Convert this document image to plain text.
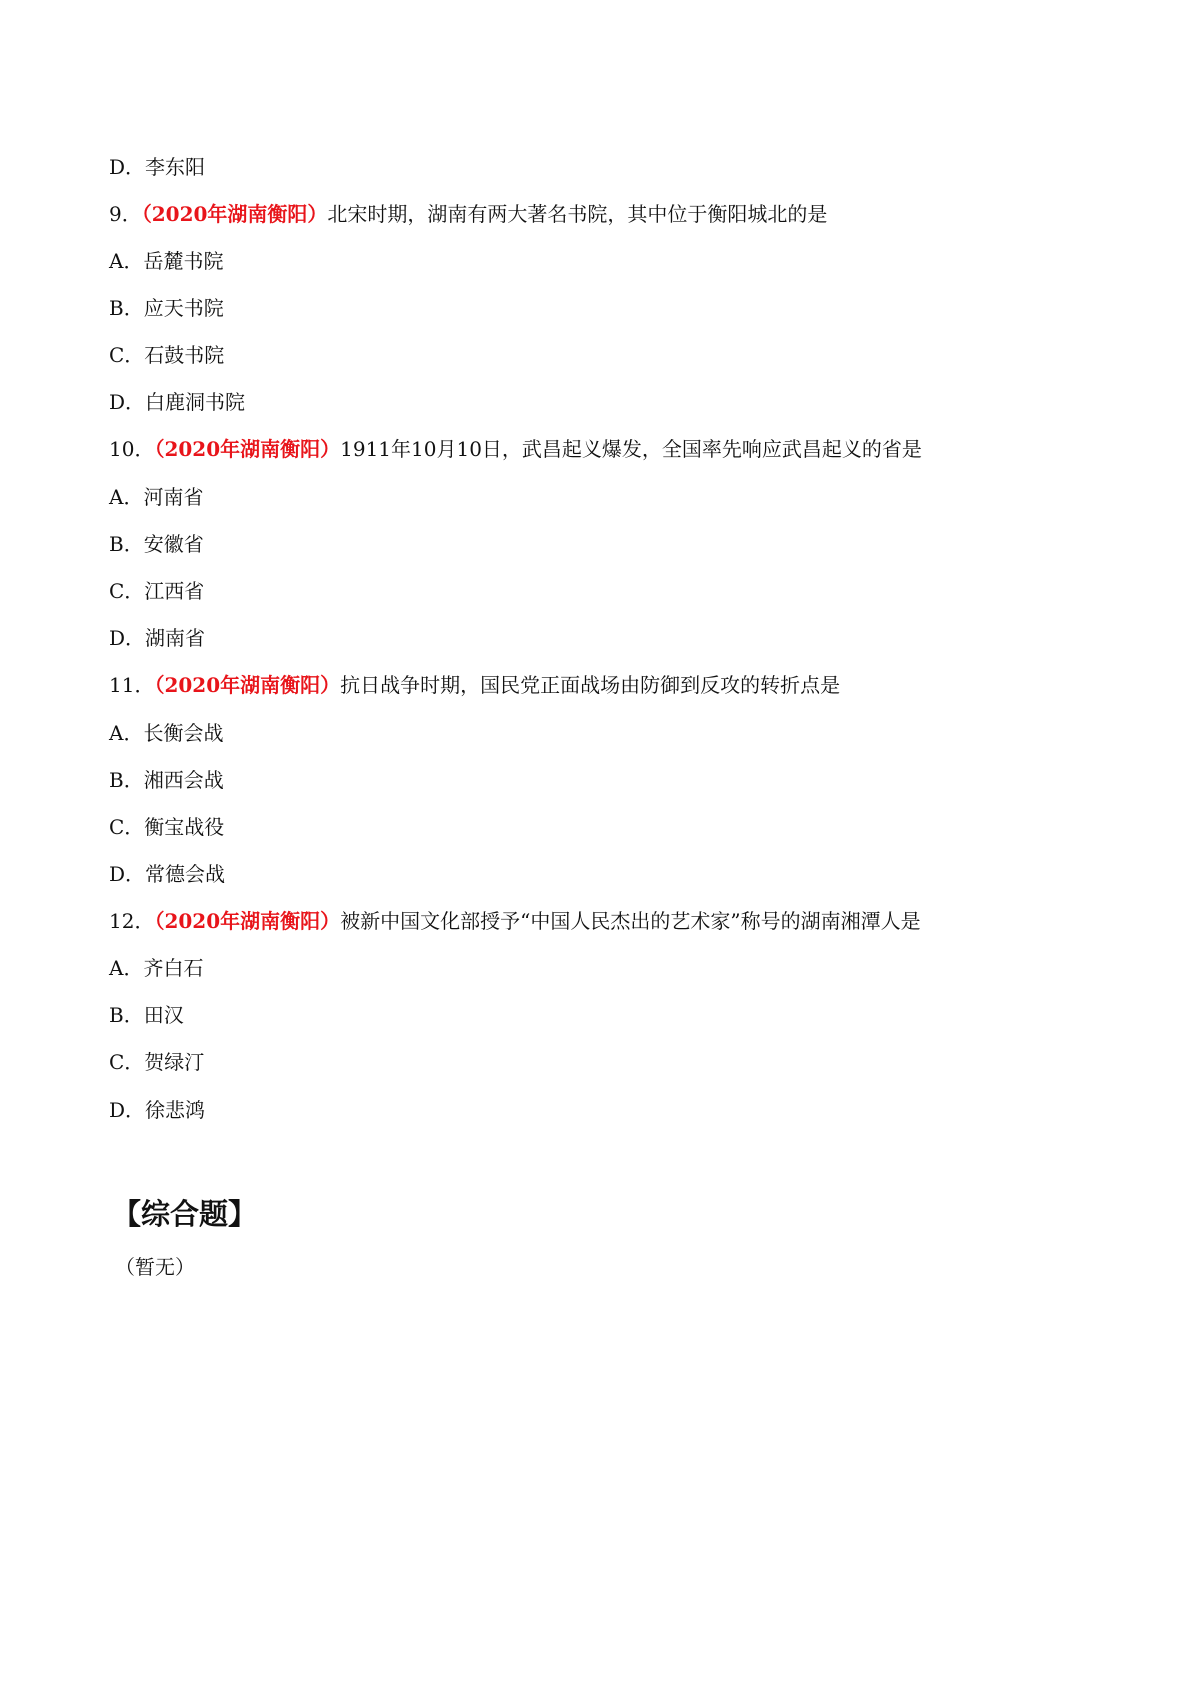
D．李东阳
9．（2020年湖南衡阳）北宋时期，湖南有两大著名书院，其中位于衡阳城北的是
A．岳麓书院
B．应天书院
C．石鼓书院
D．白鹿洞书院
10．（2020年湖南衡阳）1911年10月10日，武昌起义爆发，全国率先响应武昌起义的省是
A．河南省
B．安徽省
C．江西省
D．湖南省
11．（2020年湖南衡阳）抗日战争时期，国民党正面战场由防御到反攻的转折点是
A．长衡会战
B．湘西会战
C．衡宝战役
D．常德会战
12．（2020年湖南衡阳）被新中国文化部授予“中国人民杰出的艺术家”称号的湖南湘潭人是
A．齐白石
B．田汉
C．贺绿汀
D．徐悲鸿
【综合题】
（暂无）
